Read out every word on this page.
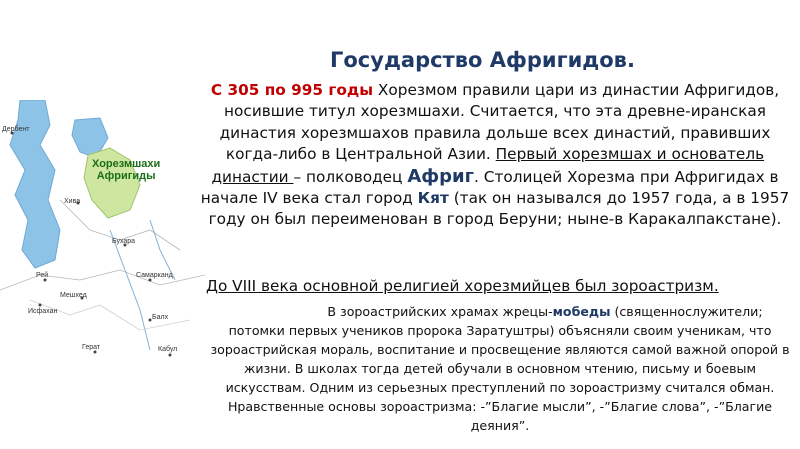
Хорезмшахи
Афригиды
Дербент
Хива
Бухара
Рей	Самарканд
Мешхед
Исфахан
Герат
Балх
Кабул
Государство Афригидов.
С 305 по 995 годы Хорезмом правили цари из династии Афригидов, носившие титул хорезмшахи. Считается, что эта древне-иранская династия хорезмшахов правила дольше всех династий, правивших когда-либо в Центральной Азии. Первый хорезмшах и основатель династии – полководец Африг. Столицей Хорезма при Афригидах в начале IV века стал город Кят (так он назывался до 1957 года, а в 1957 году он был переименован в город Беруни; ныне-в Каракалпакстане).
До VIII века основной религией хорезмийцев был зороастризм.
В зороастрийских храмах жрецы-мобеды (священнослужители; потомки первых учеников пророка Заратуштры) объясняли своим ученикам, что зороастрийская мораль, воспитание и просвещение являются самой важной опорой в жизни. В школах тогда детей обучали в основном чтению, письму и боевым искусствам. Одним из серьезных преступлений по зороастризму считался обман. Нравственные основы зороастризма: -”Благие мысли”, -”Благие слова”, -”Благие деяния”.
